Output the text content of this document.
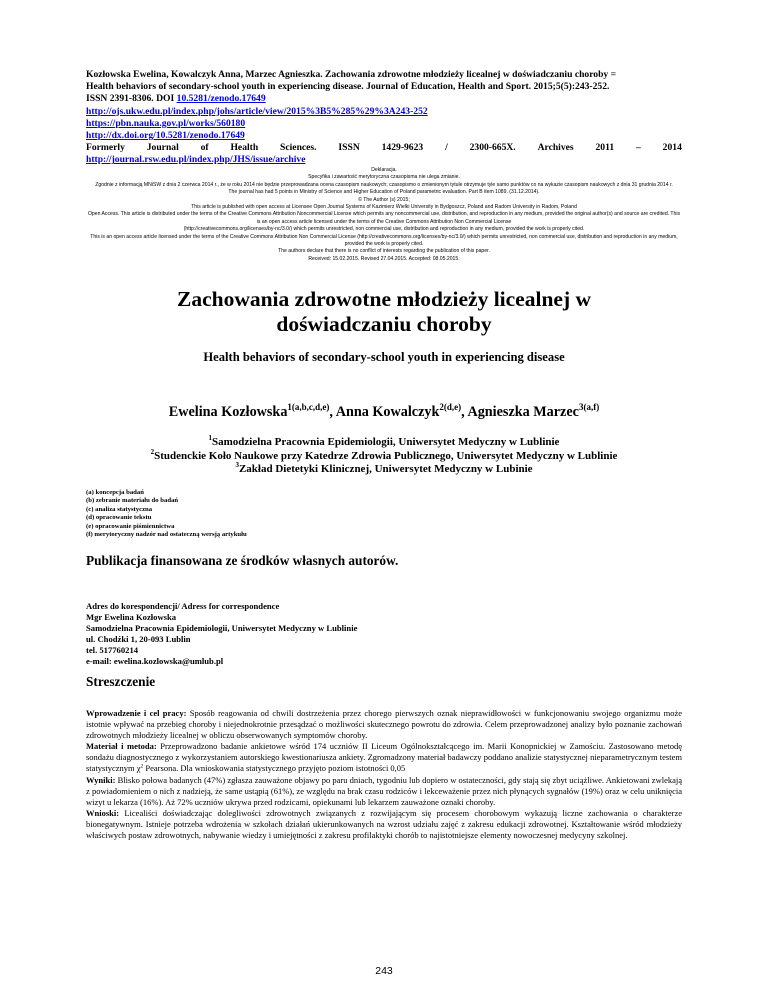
Kozłowska Ewelina, Kowalczyk Anna, Marzec Agnieszka. Zachowania zdrowotne młodzieży licealnej w doświadczaniu choroby =
Health behaviors of secondary-school youth in experiencing disease. Journal of Education, Health and Sport. 2015;5(5):243-252.
ISSN 2391-8306. DOI 10.5281/zenodo.17649
http://ojs.ukw.edu.pl/index.php/johs/article/view/2015%3B5%285%29%3A243-252
https://pbn.nauka.gov.pl/works/560180
http://dx.doi.org/10.5281/zenodo.17649
Formerly Journal of Health Sciences. ISSN 1429-9623 / 2300-665X. Archives 2011 – 2014
http://journal.rsw.edu.pl/index.php/JHS/issue/archive
Deklaracja.
Specyfika i zawartość merytoryczna czasopisma nie ulega zmianie.
Zgodnie z informacją MNiSW z dnia 2 czerwca 2014 r., że w roku 2014 nie będzie przeprowadzana ocena czasopism naukowych; czasopismo o zmienionym tytule otrzymuje tyle samo punktów co na wykazie czasopism naukowych z dnia 31 grudnia 2014 r.
The journal has had 5 points in Ministry of Science and Higher Education of Poland parametric evaluation. Part B item 1089. (31.12.2014).
© The Author (s) 2015;
This article is published with open access at Licensee Open Journal Systems of Kazimierz Wielki University in Bydgoszcz, Poland and Radom University in Radom, Poland
Open Access. This article is distributed under the terms of the Creative Commons Attribution Noncommercial License which permits any noncommercial use, distribution, and reproduction in any medium, provided the original author(s) and source are credited. This is an open access article licensed under the terms of the Creative Commons Attribution Non Commercial License
(http://creativecommons.org/licenses/by-nc/3.0/) which permits unrestricted, non commercial use, distribution and reproduction in any medium, provided the work is properly cited.
This is an open access article licensed under the terms of the Creative Commons Attribution Non Commercial License (http://creativecommons.org/licenses/by-nc/3.0/) which permits unrestricted, non commercial use, distribution and reproduction in any medium, provided the work is properly cited.
The authors declare that there is no conflict of interests regarding the publication of this paper.
Received: 15.02.2015. Revised 27.04.2015. Accepted: 08.05.2015.
Zachowania zdrowotne młodzieży licealnej w
doświadczaniu choroby
Health behaviors of secondary-school youth in experiencing disease
Ewelina Kozłowska$^{1(a,b,c,d,e)}$, Anna Kowalczyk$^{2(d,e)}$, Agnieszka Marzec$^{3(a,f)}$
$^1$Samodzielna Pracownia Epidemiologii, Uniwersytet Medyczny w Lublinie
$^2$Studenckie Koło Naukowe przy Katedrze Zdrowia Publicznego, Uniwersytet Medyczny w Lublinie
$^3$Zakład Dietetyki Klinicznej, Uniwersytet Medyczny w Lubinie
(a) koncepcja badań
(b) zebranie materiału do badań
(c) analiza statystyczna
(d) opracowanie tekstu
(e) opracowanie piśmiennictwa
(f) merytoryczny nadzór nad ostateczną wersją artykułu
Publikacja finansowana ze środków własnych autorów.
Adres do korespondencji/ Adress for correspondence
Mgr Ewelina Kozłowska
Samodzielna Pracownia Epidemiologii, Uniwersytet Medyczny w Lublinie
ul. Chodźki 1, 20-093 Lublin
tel. 517760214
e-mail: ewelina.kozlowska@umlub.pl
Streszczenie

Wprowadzenie i cel pracy: Sposób reagowania od chwili dostrzeżenia przez chorego pierwszych oznak nieprawidłowości w funkcjonowaniu swojego organizmu może istotnie wpływać na przebieg choroby i niejednokrotnie przesądzać o możliwości skutecznego powrotu do zdrowia. Celem przeprowadzonej analizy było poznanie zachowań zdrowotnych młodzieży licealnej w obliczu obserwowanych symptomów choroby.

Materiał i metoda: Przeprowadzono badanie ankietowe wśród 174 uczniów II Liceum Ogólnokształcącego im. Marii Konopnickiej w Zamościu. Zastosowano metodę sondażu diagnostycznego z wykorzystaniem autorskiego kwestionariusza ankiety. Zgromadzony materiał badawczy poddano analizie statystycznej nieparametrycznym testem statystycznym $\chi^2$ Pearsona. Dla wnioskowania statystycznego przyjęto poziom istotności 0,05

Wyniki: Blisko połowa badanych (47%) zgłasza zauważone objawy po paru dniach, tygodniu lub dopiero w ostateczności, gdy stają się zbyt uciążliwe. Ankietowani zwlekają z powiadomieniem o nich z nadzieją, że same ustąpią (61%), ze względu na brak czasu rodziców i lekceważenie przez nich płynących sygnałów (19%) oraz w celu uniknięcia wizyt u lekarza (16%). Aż 72% uczniów ukrywa przed rodzicami, opiekunami lub lekarzem zauważone oznaki choroby.

Wnioski: Licealiści doświadczając dolegliwości zdrowotnych związanych z rozwijającym się procesem chorobowym wykazują liczne zachowania o charakterze bionegatywnym. Istnieje potrzeba wdrożenia w szkołach działań ukierunkowanych na wzrost udziału zajęć z zakresu edukacji zdrowotnej. Kształtowanie wśród młodzieży właściwych postaw zdrowotnych, nabywanie wiedzy i umiejętności z zakresu profilaktyki chorób to najistotniejsze elementy nowoczesnej medycyny szkolnej.

243
